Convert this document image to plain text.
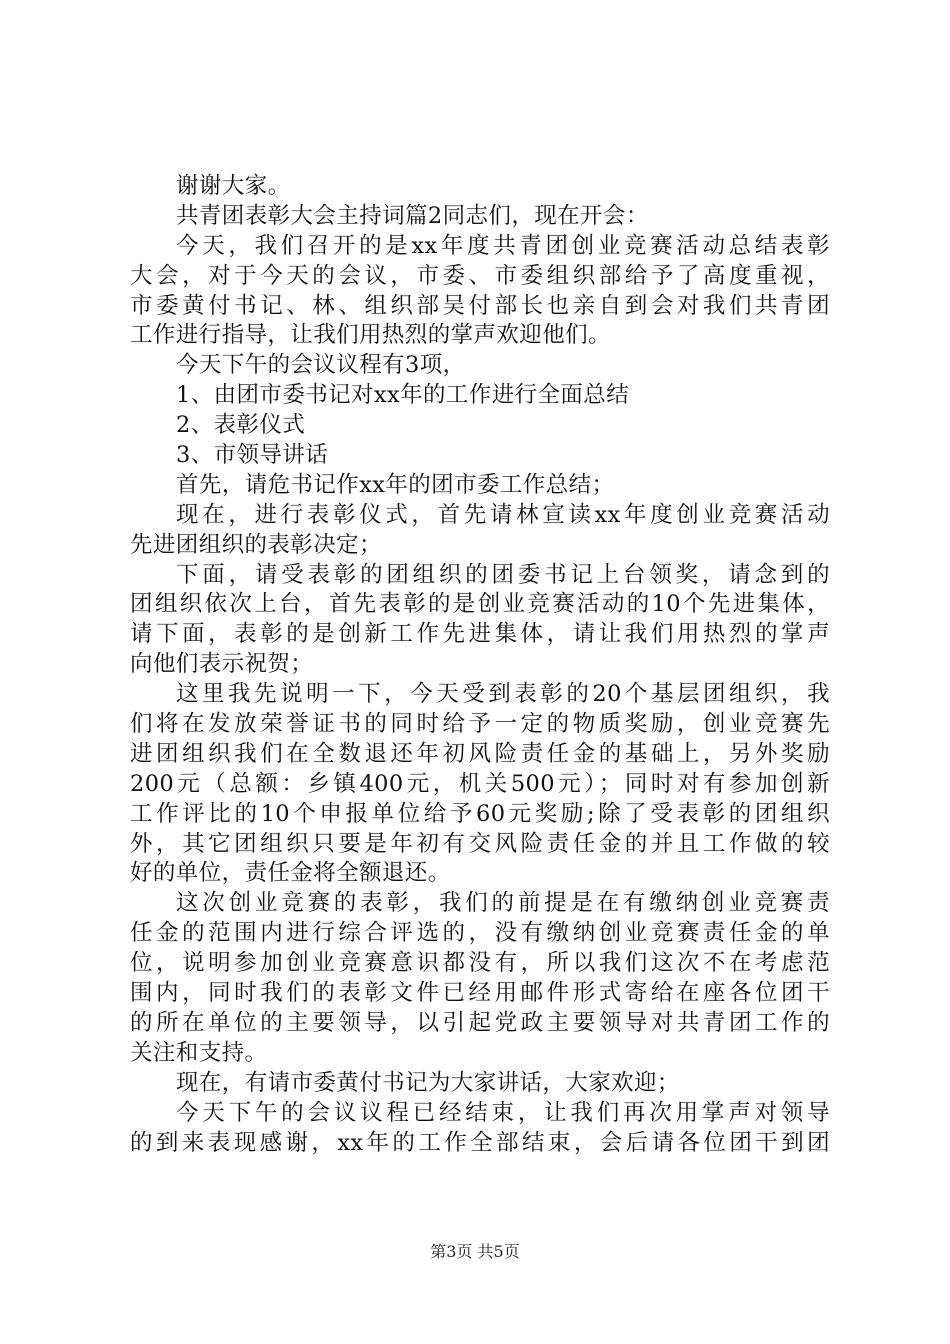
谢谢大家。
共青团表彰大会主持词篇2同志们，现在开会：
今天，我们召开的是xx年度共青团创业竞赛活动总结表彰
大会，对于今天的会议，市委、市委组织部给予了高度重视，
市委黄付书记、林、组织部吴付部长也亲自到会对我们共青团
工作进行指导，让我们用热烈的掌声欢迎他们。
今天下午的会议议程有3项，
1、由团市委书记对xx年的工作进行全面总结
2、表彰仪式
3、市领导讲话
首先，请危书记作xx年的团市委工作总结；
现在，进行表彰仪式，首先请林宣读xx年度创业竞赛活动
先进团组织的表彰决定；
下面，请受表彰的团组织的团委书记上台领奖，请念到的
团组织依次上台，首先表彰的是创业竞赛活动的10个先进集体，
请下面，表彰的是创新工作先进集体，请让我们用热烈的掌声
向他们表示祝贺；
这里我先说明一下，今天受到表彰的20个基层团组织，我
们将在发放荣誉证书的同时给予一定的物质奖励，创业竞赛先
进团组织我们在全数退还年初风险责任金的基础上，另外奖励
200元（总额：乡镇400元，机关500元）；同时对有参加创新
工作评比的10个申报单位给予60元奖励;除了受表彰的团组织
外，其它团组织只要是年初有交风险责任金的并且工作做的较
好的单位，责任金将全额退还。
这次创业竞赛的表彰，我们的前提是在有缴纳创业竞赛责
任金的范围内进行综合评选的，没有缴纳创业竞赛责任金的单
位，说明参加创业竞赛意识都没有，所以我们这次不在考虑范
围内，同时我们的表彰文件已经用邮件形式寄给在座各位团干
的所在单位的主要领导，以引起党政主要领导对共青团工作的
关注和支持。
现在，有请市委黄付书记为大家讲话，大家欢迎；
今天下午的会议议程已经结束，让我们再次用掌声对领导
的到来表现感谢，xx年的工作全部结束，会后请各位团干到团
第3页 共5页
